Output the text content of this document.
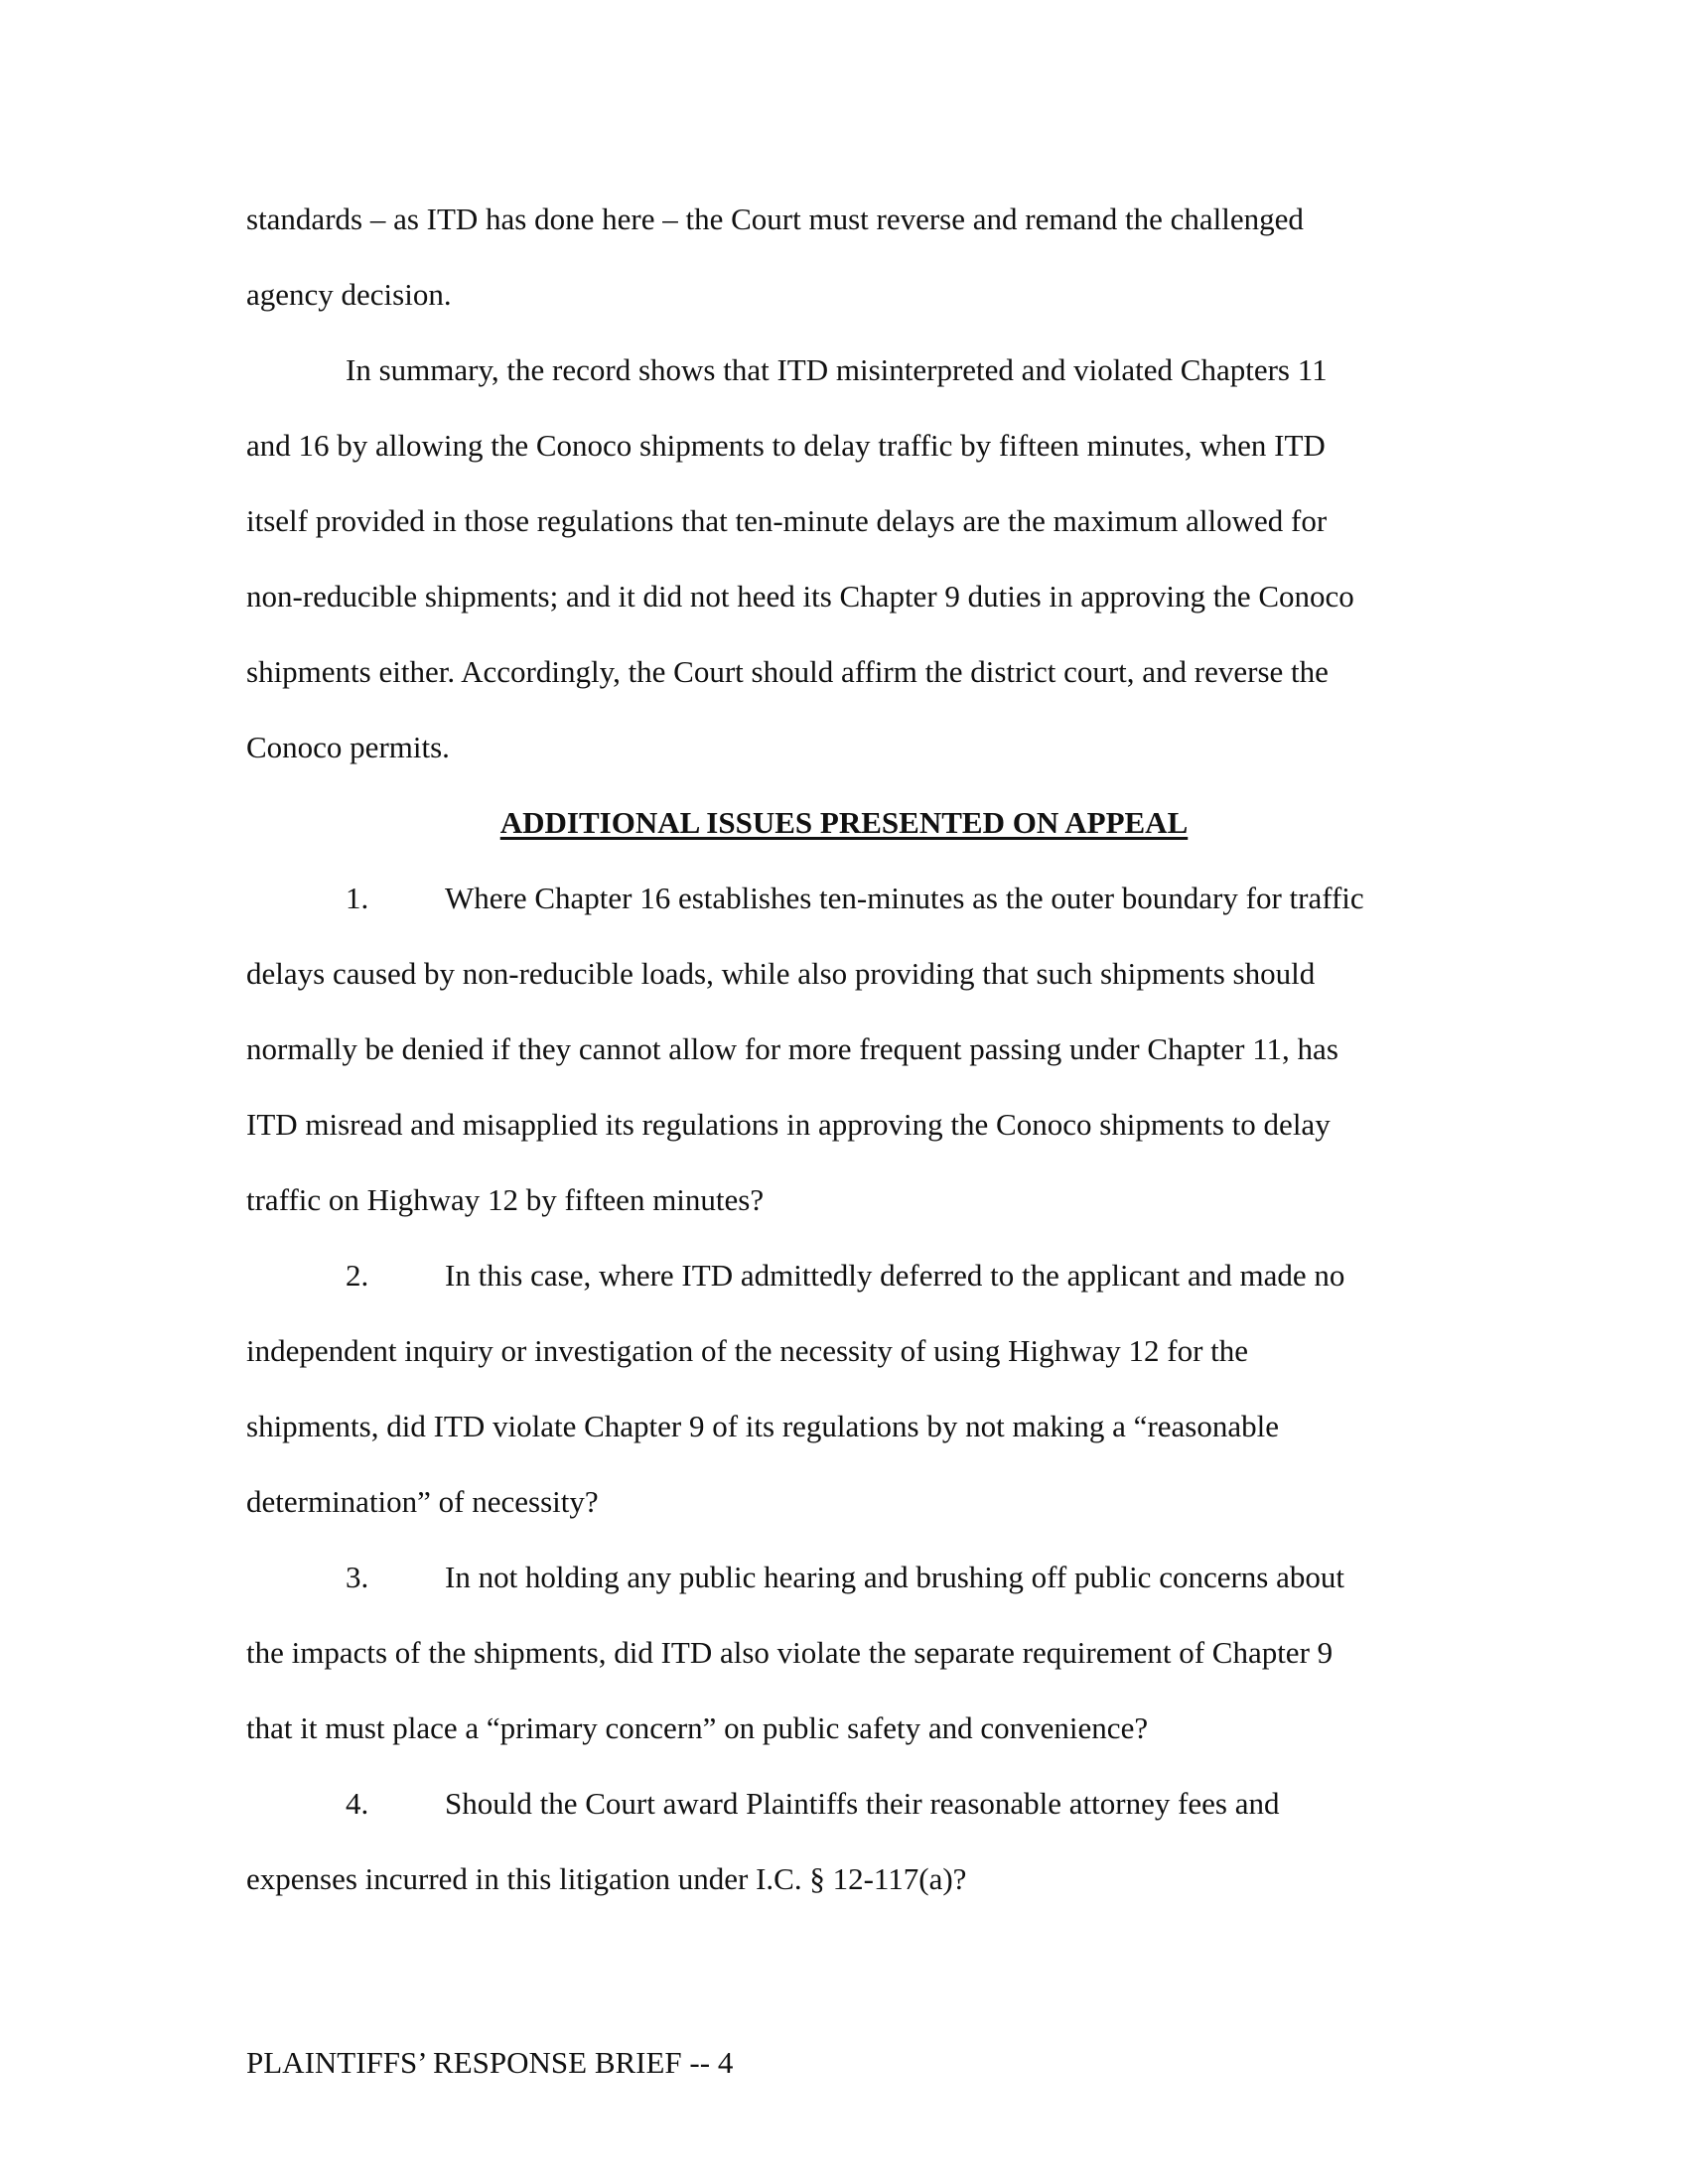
standards – as ITD has done here – the Court must reverse and remand the challenged

agency decision.

In summary, the record shows that ITD misinterpreted and violated Chapters 11

and 16 by allowing the Conoco shipments to delay traffic by fifteen minutes, when ITD

itself provided in those regulations that ten-minute delays are the maximum allowed for

non-reducible shipments; and it did not heed its Chapter 9 duties in approving the Conoco

shipments either. Accordingly, the Court should affirm the district court, and reverse the

Conoco permits.

ADDITIONAL ISSUES PRESENTED ON APPEAL
1. Where Chapter 16 establishes ten-minutes as the outer boundary for traffic

delays caused by non-reducible loads, while also providing that such shipments should

normally be denied if they cannot allow for more frequent passing under Chapter 11, has

ITD misread and misapplied its regulations in approving the Conoco shipments to delay

traffic on Highway 12 by fifteen minutes?

2. In this case, where ITD admittedly deferred to the applicant and made no

independent inquiry or investigation of the necessity of using Highway 12 for the

shipments, did ITD violate Chapter 9 of its regulations by not making a “reasonable

determination” of necessity?

3. In not holding any public hearing and brushing off public concerns about

the impacts of the shipments, did ITD also violate the separate requirement of Chapter 9

that it must place a “primary concern” on public safety and convenience?

4. Should the Court award Plaintiffs their reasonable attorney fees and

expenses incurred in this litigation under I.C. § 12-117(a)?

PLAINTIFFS’ RESPONSE BRIEF -- 4
